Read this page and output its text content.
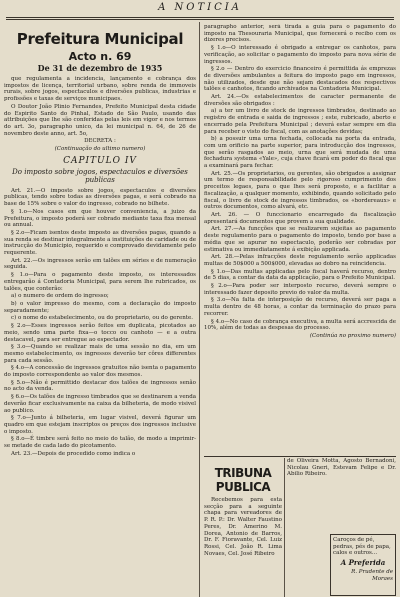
A NOTICIA
Prefeitura Municipal
Acto n. 69
De 31 de dezembro de 1935

que regulamenta a incidencia, lançamento e cobrança dos impostos de licença, territorial urbano, sobre renda de immoveis rurais, sobre jogos, espectaculos e diversões publicas, industrias e profissões e taxas de serviços municipaes.

O Doutor João Plinio Fernandes, Prefeito Municipal desta cidade do Espirito Santo do Pinhal, Estado de São Paulo, usando das attribuições que lhe são conferidas pelas leis em vigor e nos termos do art. 3o, paragrapho unico, da lei municipal n. 64, de 26 de novembro deste anno, art. 5o,

DECRETA :

(Continuação do ultimo numero)

CAPITULO IV
Do imposto sobre jogos, espectaculos e diversões publicas

Art. 21.—O imposto sobre jogos, espectaculos e diversões publicas, tendo sobre todas as diversões pagas, e será cobrado na base de 15% sobre o valor do ingresso, cobrado no bilhete.

§ 1.o—Nos casos em que houver conveniencia, a juizo da Prefeitura, o imposto poderá ser cobrado mediante taxa fixa mensal ou annual.

§ 2.o—Ficam isentos deste imposto as diversões pagas, quando a sua renda se destinar integralmente a instituições de caridade ou de instrucção do Municipio, requerido e comprovado devidamente pelo requerente.

Art. 22.—Os ingressos serão em talões em séries e de numeração seguida.

§ 1.o—Para o pagamento deste imposto, os interessados entregarão á Contadoria Municipal, para serem lhe rubricados, os talões, que conterão:

a) o numero de ordem do ingresso;

b) o valor impresso do mesmo, com a declaração do imposto separadamente;

c) o nome do estabelecimento, ou do proprietario, ou do gerente.

§ 2.o—Esses ingressos serão feitos em duplicata, picotados ao meio, sendo uma parte fixa—o tocco ou canhoto — e a outra destacavel, para ser entregue ao espectador.

§ 3.o—Quando se realizar mais de uma sessão no dia, em um mesmo estabelecimento, os ingressos deverão ter côres differentes para cada sessão.

§ 4.o—A concessão de ingressos gratuitos não isenta o pagamento do imposto correspondente ao valor dos mesmos.

§ 5.o—Não é permittido destacar dos talões de ingressos senão no acto da venda.

§ 6.o—Os talões de ingresso timbrados que se destinarem a venda deverão ficar exclusivamente na caixa da bilheteria, de modo visivel ao publico.

§ 7.o—Junto á bilheteria, em lugar visivel, deverá figurar um quadro em que estejam inscriptos os preços dos ingressos inclusive o imposto.

§ 8.o—É timbre será feito no meio do talão, de modo a imprimir-se metade de cada lado do picotamento.

Art. 23.—Depois de procedido como indica o

paragrapho anterior, será tirada a guia para o pagamento do imposto na Thesouraria Municipal, que fornecerá o recibo com os dizeres precisos.

§ 1.o—O interessado é obrigado a entregar os canhotos, para verificação, ao solicitar o pagamento do imposto para nova série de ingressos.

§ 2.o — Dentro do exercicio financeiro é permittida ás emprezas de diversões ambulantes a feitura do imposto pago em ingressos, não utilizados, desde que não sejam destacados dos respectivos talões e canhotos, ficando archivados na Contadoria Municipal.

Art. 24.—Os estabelecimentos de caracter permanente de diversões são obrigados :

a) a ter um livro de stock de ingressos timbrados, destinado ao registro de entrada e saida de ingressos ; este, rubricado, aberto e encerrado pela Prefeitura Municipal ; deverá estar sempre em dia para receber o visto do fiscal, com as anotações devidas;

b) a possuir uma urna fechada, collocada na porta da entrada, com um orificio na parte superior, para introducção dos ingressos, que serão rasgados ao meio, urna que será mudada de uma fechadura systema «Yale», cuja chave ficará em poder do fiscal que a examinará para fechar.

Art. 25.—Os proprietarios, ou gerentes, são obrigados a assignar um termo de responsabilidade pelo rigoroso cumprimento dos preceitos legaes, para o que lhes será proposto, e a facilitar a fiscalização, a qualquer momento, exhibindo, quando solicitado pelo fiscal, o livro de stock de ingressos timbrados, os «bordereaux» e outros documentos, como alvará, etc.

Art. 26. — O funccionario encarregado da fiscalização apresentará documentos que provem a sua qualidade.

Art. 27.—As funcções que se realizarem sujeitas ao pagamento deste regulamento para o pagamento do imposto, tendo por base a média que se apurar no espectaculo, poderão ser cobradas por estimativa ou immediatamente á exibição applicada.

Art. 28.—Pelas infracções deste regulamento serão applicadas multas de 50$000 a 500$000, elevadas ao dobro na reincidencia.

§ 1.o—Das multas applicadas pelo fiscal haverá recurso, dentro de 5 dias, a contar da data da applicação, para o Prefeito Municipal.

§ 2.o—Para poder ser interposto recurso, deverá sempre o interessado fazer deposito previo do valor da multa.

§ 3.o—Na falta de interposição de recurso, deverá ser paga a multa dentro de 48 horas, a contar da terminação do prazo para recorrer.

§ 4.o—No caso de cobrança executiva, a multa será accrescida de 10%, além de todas as despesas do processo.

(Continúa no proximo numero)

TRIBUNA PUBLICA

Recebemos para esta secção para a seguinte chapa para vereadores de P. R. P.: Dr. Walter Faustino Peres, Dr. Amerino M. Dorea, Antonio de Barros, Dr. F. Fioravante, Cel. Luiz Rossi, Cel. João R. Lima Novaes, Cel. José Ribeiro

de Oliveira Motta, Agosto Bernadoni, Nicolau Gneri, Estevam Felipe e Dr. Abilio Ribeiro.

Caroços de pé, pedras, pés de papa, calos e outros...
A Preferida
R. Prudente de Moraes
